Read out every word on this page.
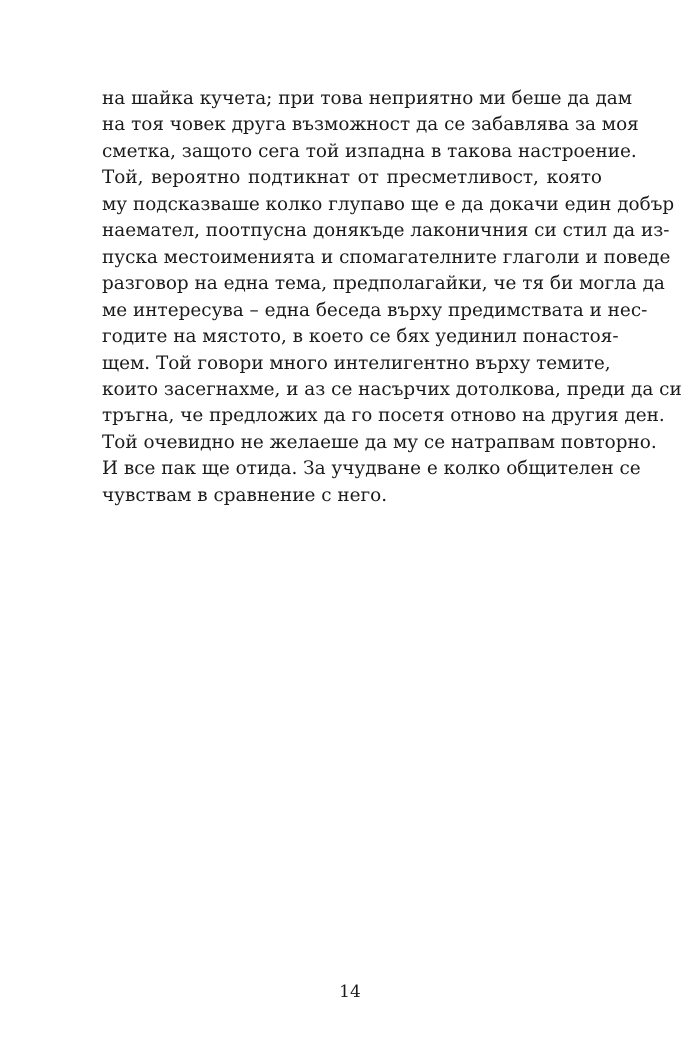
на шайка кучета; при това неприятно ми беше да дам
на тоя човек друга възможност да се забавлява за моя
сметка, защото сега той изпадна в такова настроение.
Той, вероятно подтикнат от пресметливост, която
му подсказваше колко глупаво ще е да докачи един добър
наемател, поотпусна донякъде лаконичния си стил да из-
пуска местоименията и спомагателните глаголи и поведе
разговор на една тема, предполагайки, че тя би могла да
ме интересува – една беседа върху предимствата и нес-
годите на мястото, в което се бях уединил понастоя-
щем. Той говори много интелигентно върху темите,
които засегнахме, и аз се насърчих дотолкова, преди да си
тръгна, че предложих да го посетя отново на другия ден.
Той очевидно не желаеше да му се натрапвам повторно.
И все пак ще отида. За учудване е колко общителен се
чувствам в сравнение с него.
14
